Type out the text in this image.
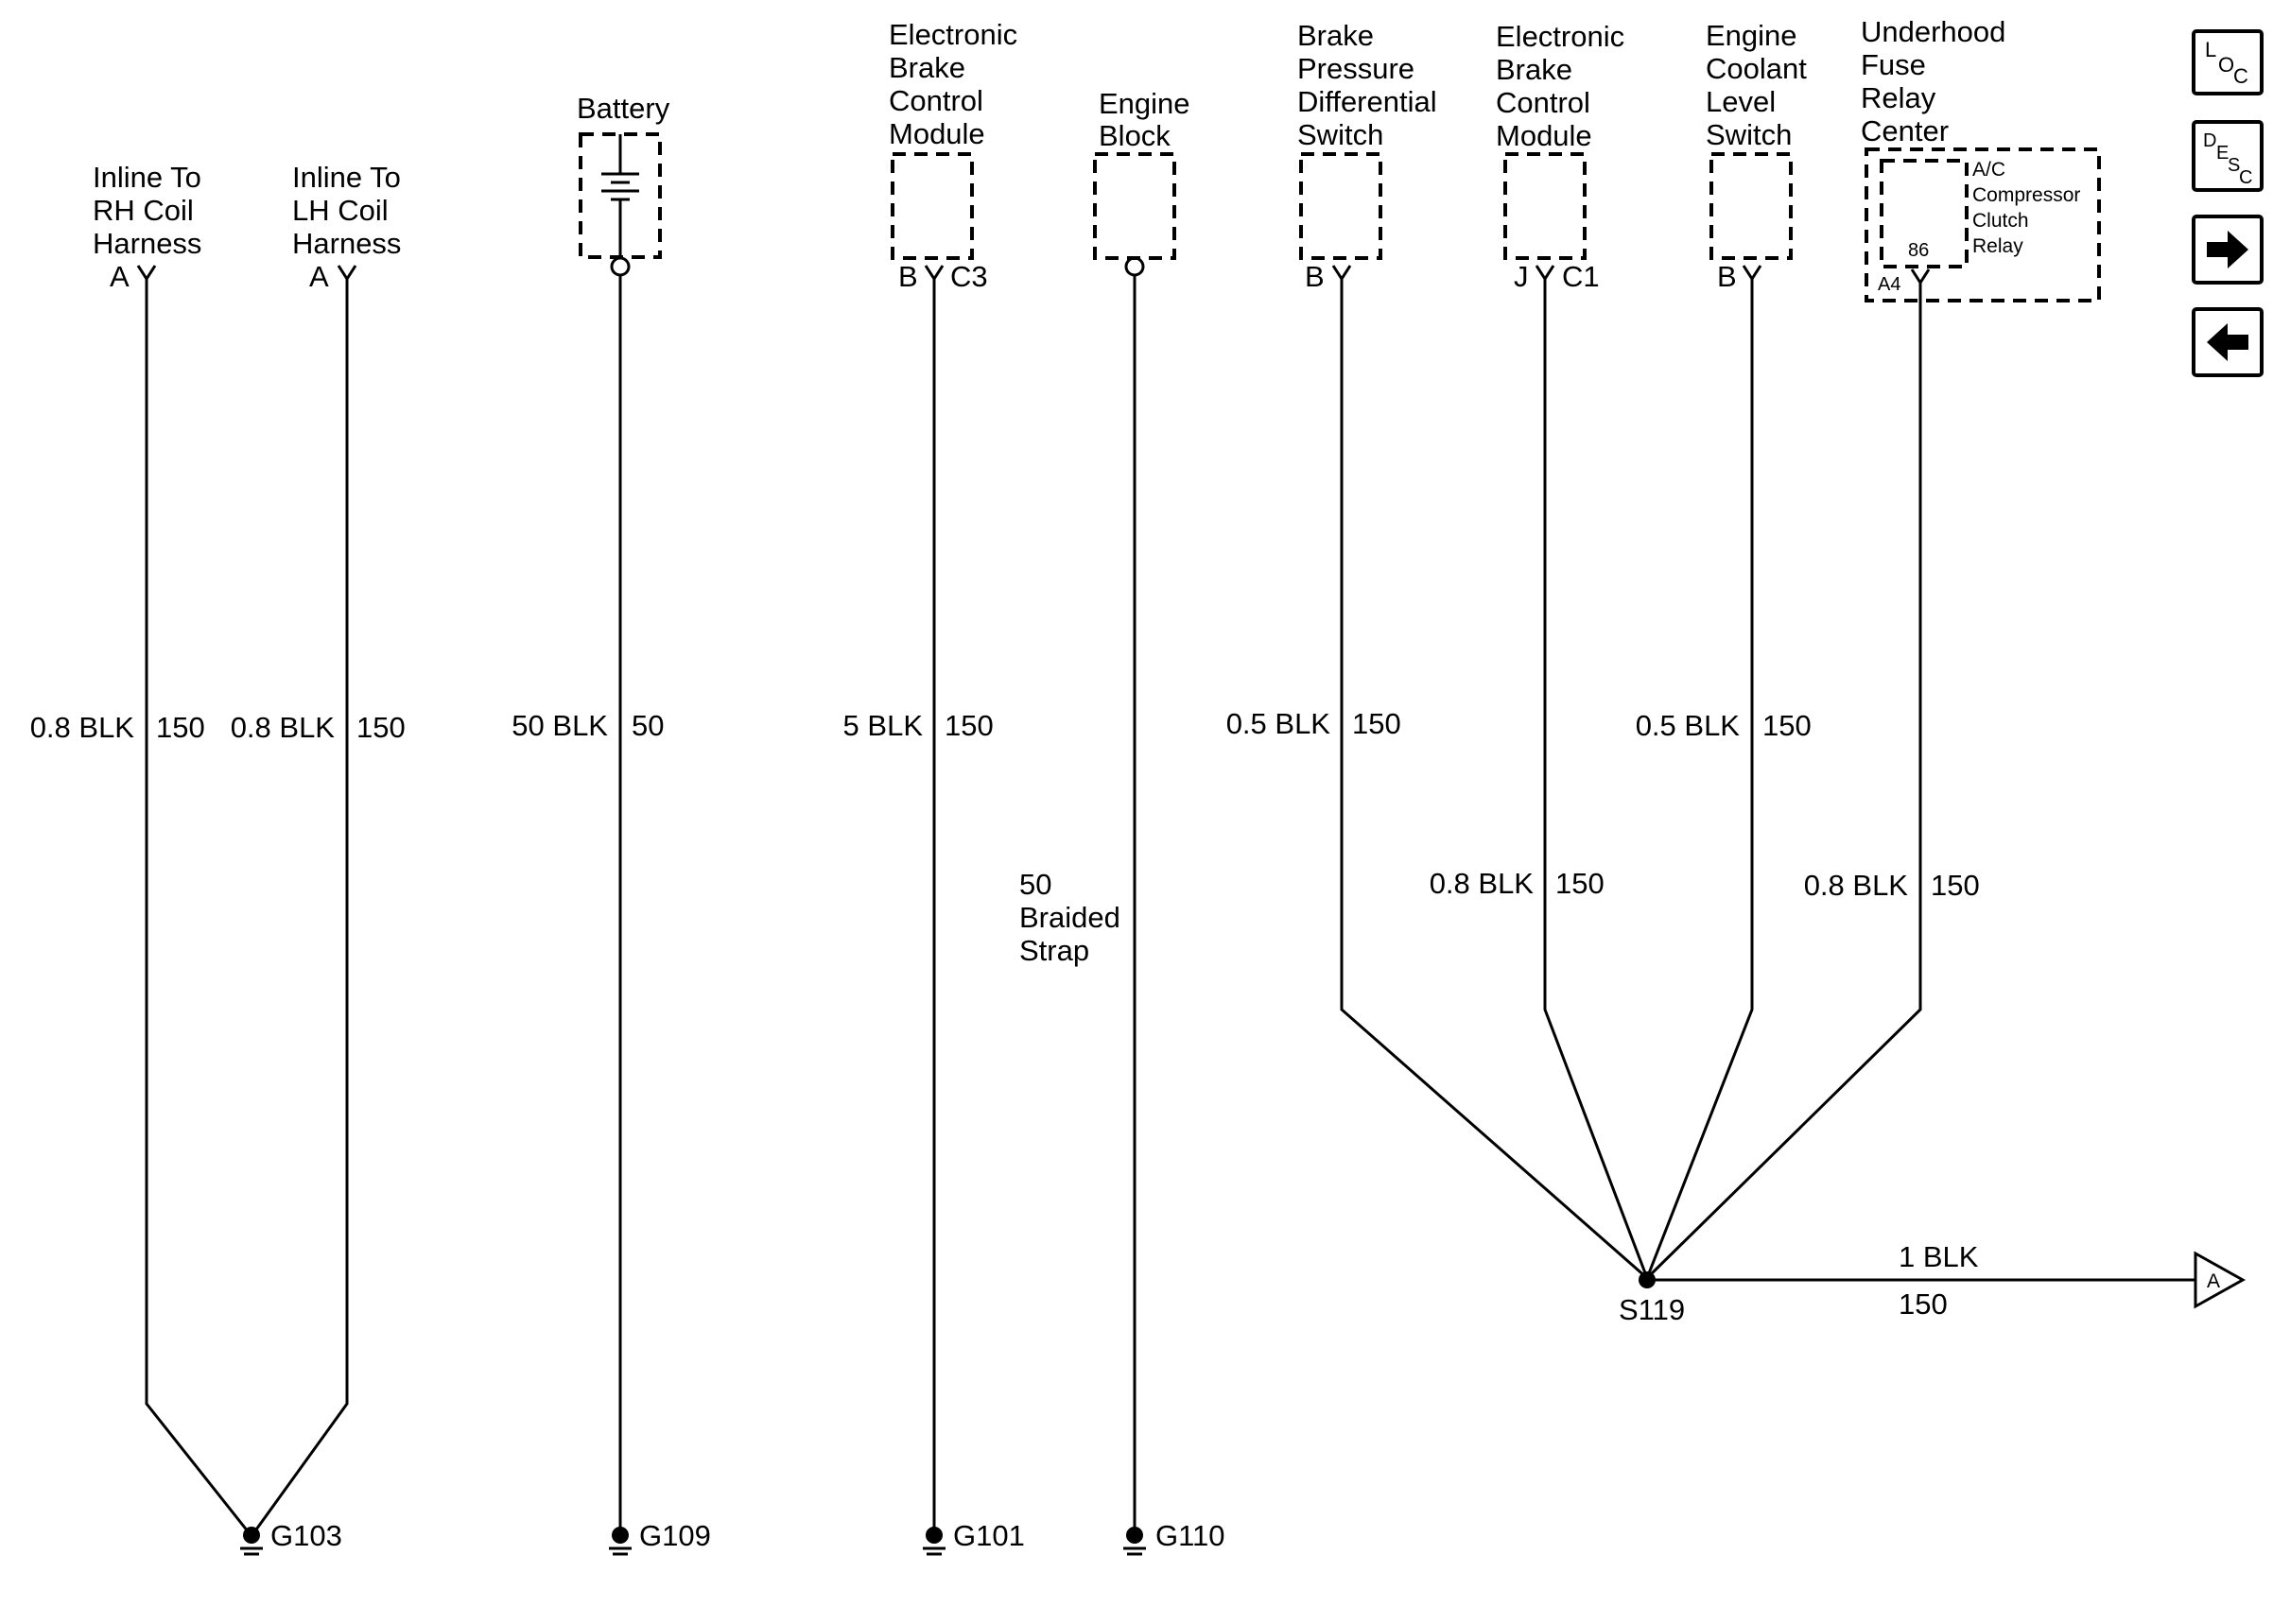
Inline To
RH Coil
Harness
A
0.8 BLK 150
Inline To
LH Coil
Harness
A
0.8 BLK 150
G103
Battery
50 BLK 50
G109
Electronic
Brake
Control
Module
B C3
5 BLK 150
G101
Engine
Block
50
Braided
Strap
G110
Brake
Pressure
Differential
Switch
B
0.5 BLK 150
Electronic
Brake
Control
Module
J C1
0.8 BLK 150
Engine
Coolant
Level
Switch
B
0.5 BLK 150
Underhood
Fuse
Relay
Center
A/C
Compressor
Clutch
Relay
86
A4
0.8 BLK 150
S119
1 BLK
150
A
L
O
C
D
E
S
C
